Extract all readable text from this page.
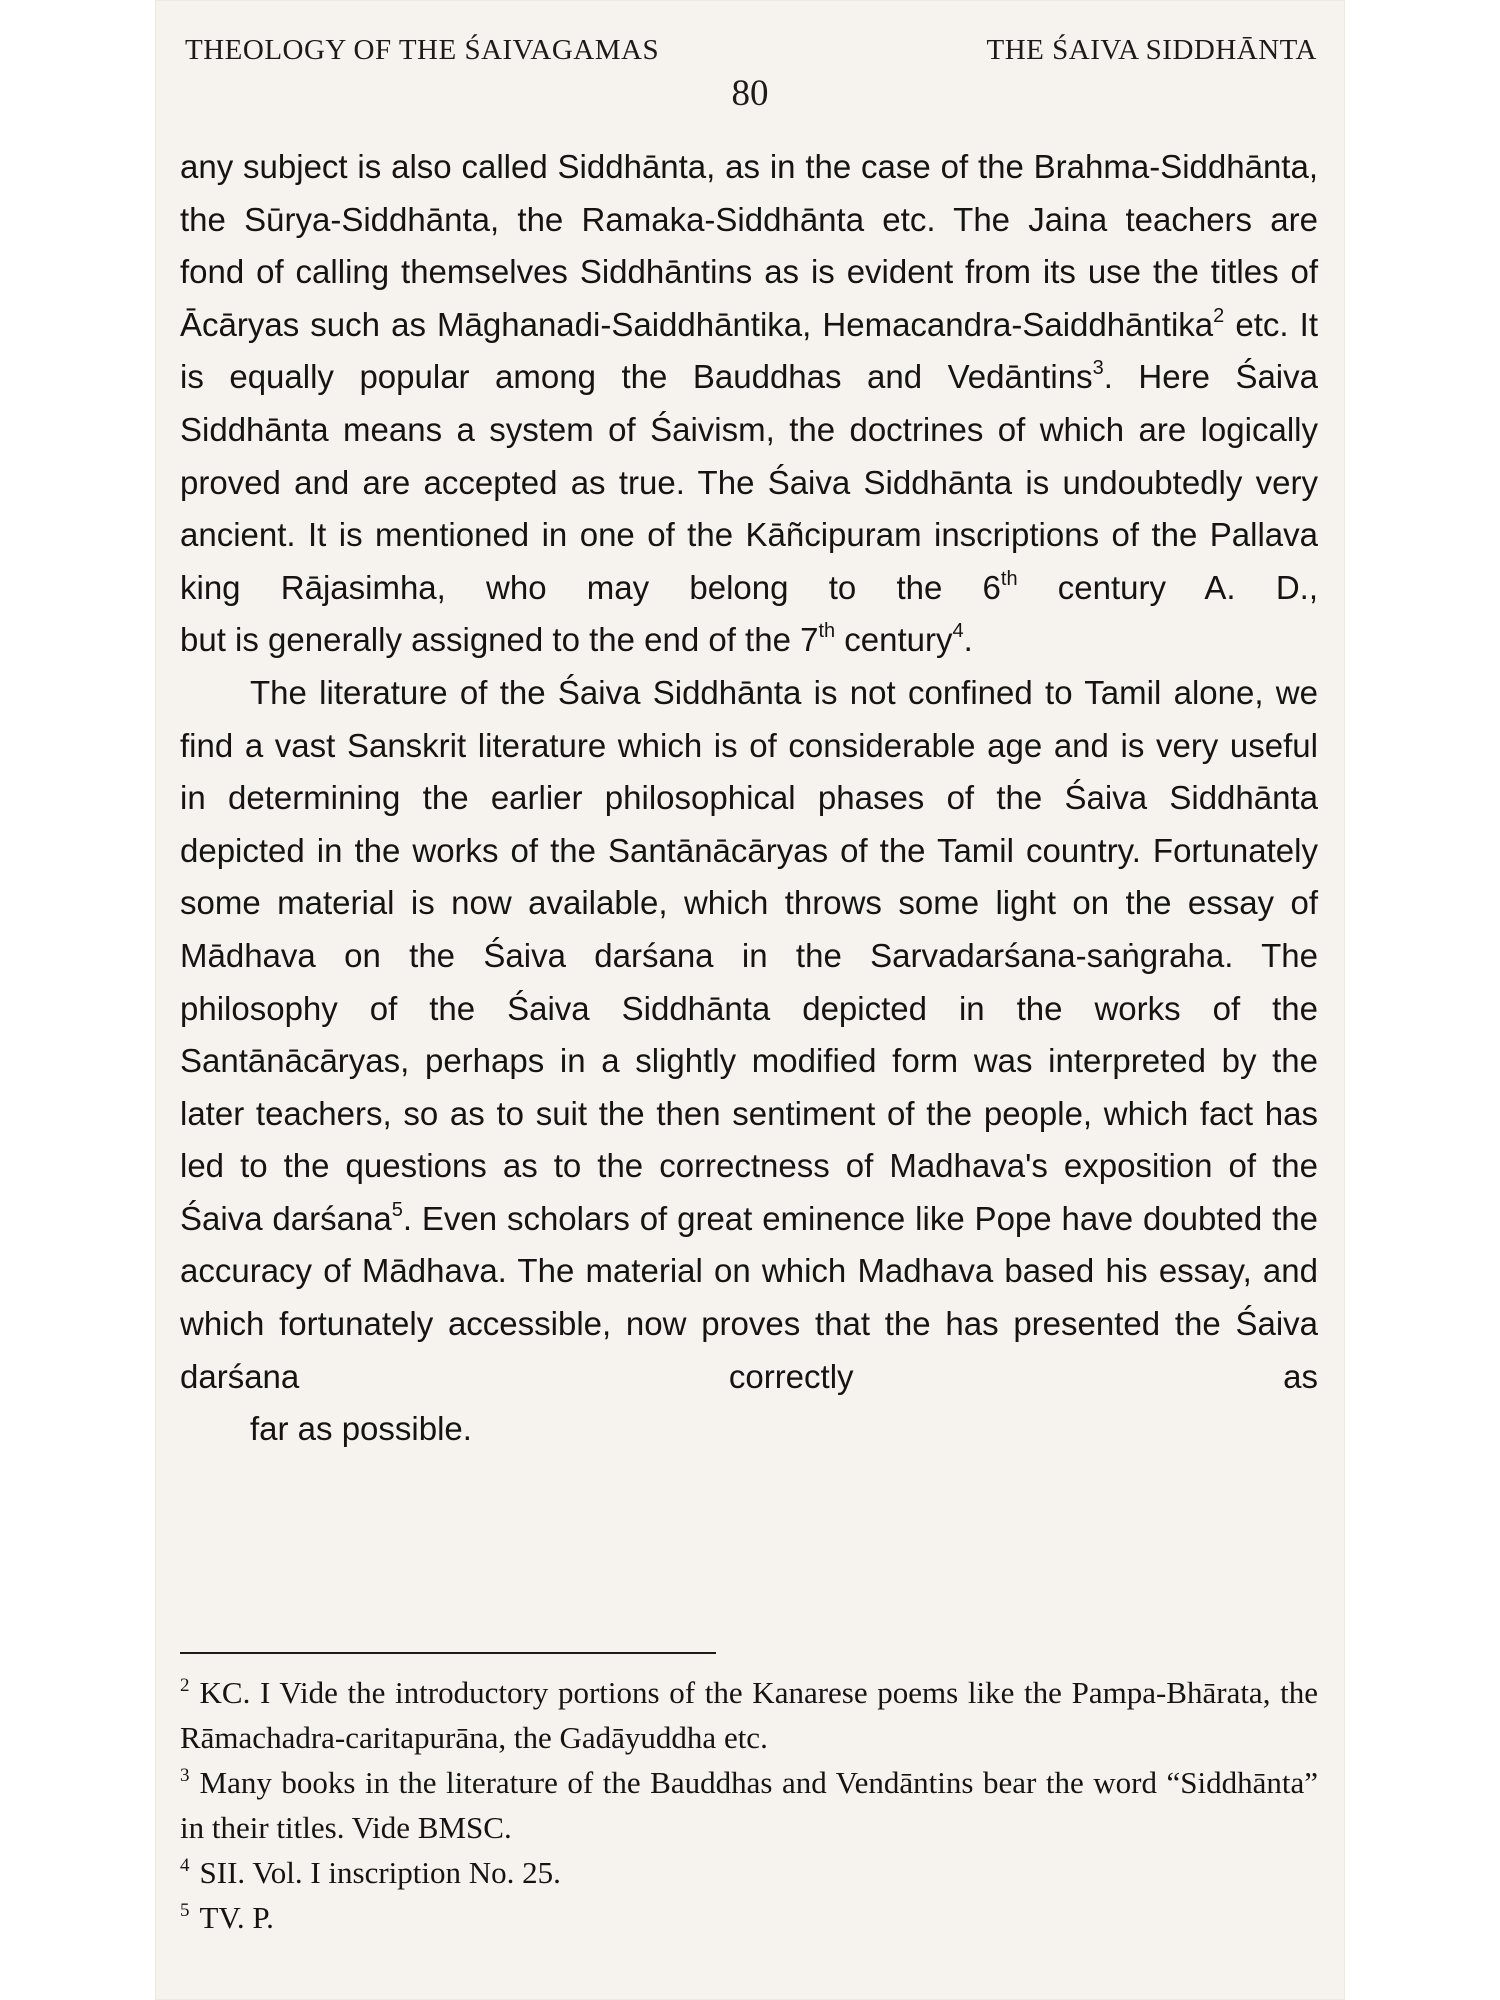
THEOLOGY OF THE ŚAIVAGAMAS	THE ŚAIVA SIDDHĀNTA
80

any subject is also called Siddhānta, as in the case of the Brahma-Siddhānta, the Sūrya-Siddhānta, the Ramaka-Siddhānta etc. The Jaina teachers are fond of calling themselves Siddhāntins as is evident from its use the titles of Ācāryas such as Māghanadi-Saiddhāntika, Hemacandra-Saiddhāntika$^2$ etc. It is equally popular among the Bauddhas and Vedāntins$^3$. Here Śaiva Siddhānta means a system of Śaivism, the doctrines of which are logically proved and are accepted as true. The Śaiva Siddhānta is undoubtedly very ancient. It is mentioned in one of the Kāñcipuram inscriptions of the Pallava king Rājasimha, who may belong to the 6th century A. D.,
but is generally assigned to the end of the 7th century$^4$.

The literature of the Śaiva Siddhānta is not confined to Tamil alone, we find a vast Sanskrit literature which is of considerable age and is very useful in determining the earlier philosophical phases of the Śaiva Siddhānta depicted in the works of the Santānācāryas of the Tamil country. Fortunately some material is now available, which throws some light on the essay of Mādhava on the Śaiva darśana in the Sarvadarśana-saṅgraha. The philosophy of the Śaiva Siddhānta depicted in the works of the Santānācāryas, perhaps in a slightly modified form was interpreted by the later teachers, so as to suit the then sentiment of the people, which fact has led to the questions as to the correctness of Madhava's exposition of the Śaiva darśana$^5$. Even scholars of great eminence like Pope have doubted the accuracy of Mādhava. The material on which Madhava based his essay, and which fortunately accessible, now proves that the has presented the Śaiva darśana correctly as
far as possible.

$^2$ KC. I Vide the introductory portions of the Kanarese poems like the Pampa-Bhārata, the Rāmachadra-caritapurāna, the Gadāyuddha etc.

$^3$ Many books in the literature of the Bauddhas and Vendāntins bear the word “Siddhānta” in their titles. Vide BMSC.

$^4$ SII. Vol. I inscription No. 25.

$^5$ TV. P.
